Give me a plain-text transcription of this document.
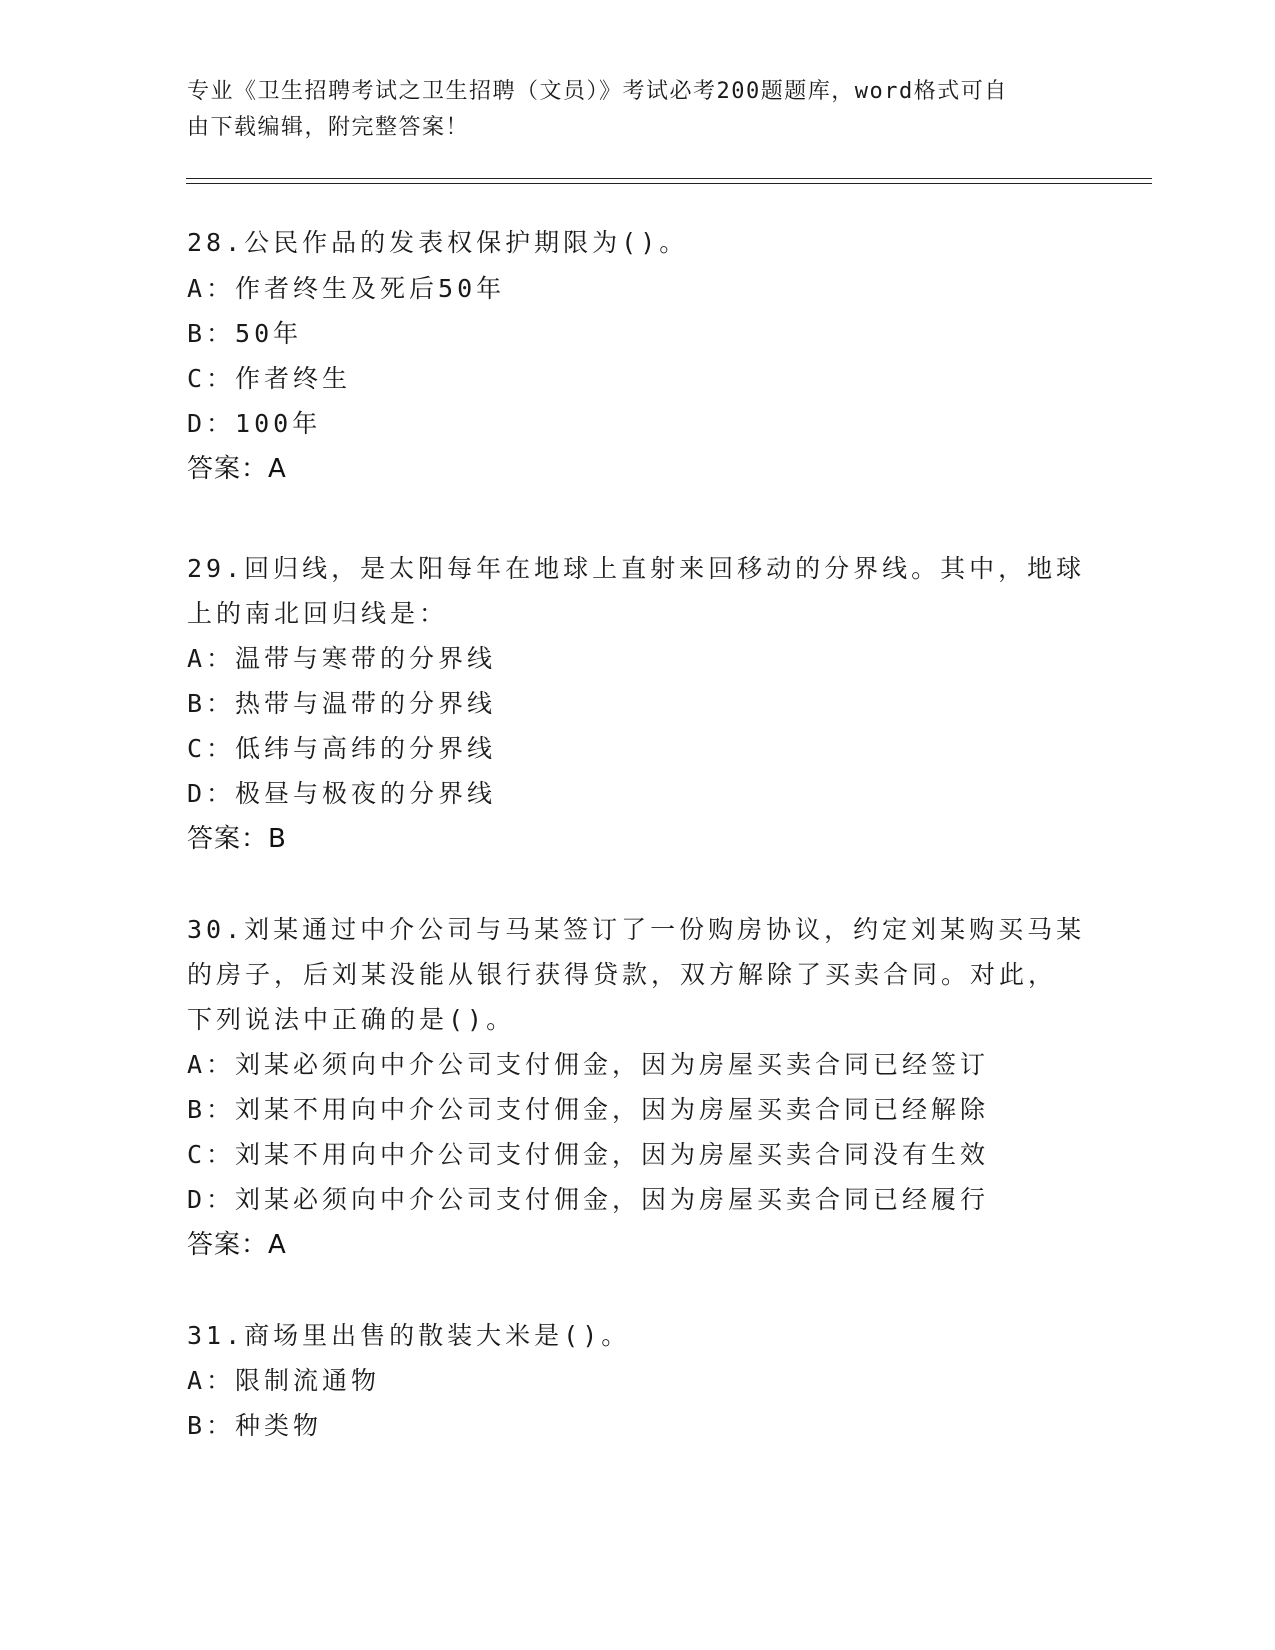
专业《卫生招聘考试之卫生招聘（文员）》考试必考200题题库，word格式可自
由下载编辑，附完整答案！
28.公民作品的发表权保护期限为()。
A：作者终生及死后50年
B：50年
C：作者终生
D：100年
答案：A
29.回归线，是太阳每年在地球上直射来回移动的分界线。其中，地球
上的南北回归线是：
A：温带与寒带的分界线
B：热带与温带的分界线
C：低纬与高纬的分界线
D：极昼与极夜的分界线
答案：B
30.刘某通过中介公司与马某签订了一份购房协议，约定刘某购买马某
的房子，后刘某没能从银行获得贷款，双方解除了买卖合同。对此，
下列说法中正确的是()。
A：刘某必须向中介公司支付佣金，因为房屋买卖合同已经签订
B：刘某不用向中介公司支付佣金，因为房屋买卖合同已经解除
C：刘某不用向中介公司支付佣金，因为房屋买卖合同没有生效
D：刘某必须向中介公司支付佣金，因为房屋买卖合同已经履行
答案：A
31.商场里出售的散装大米是()。
A：限制流通物
B：种类物
